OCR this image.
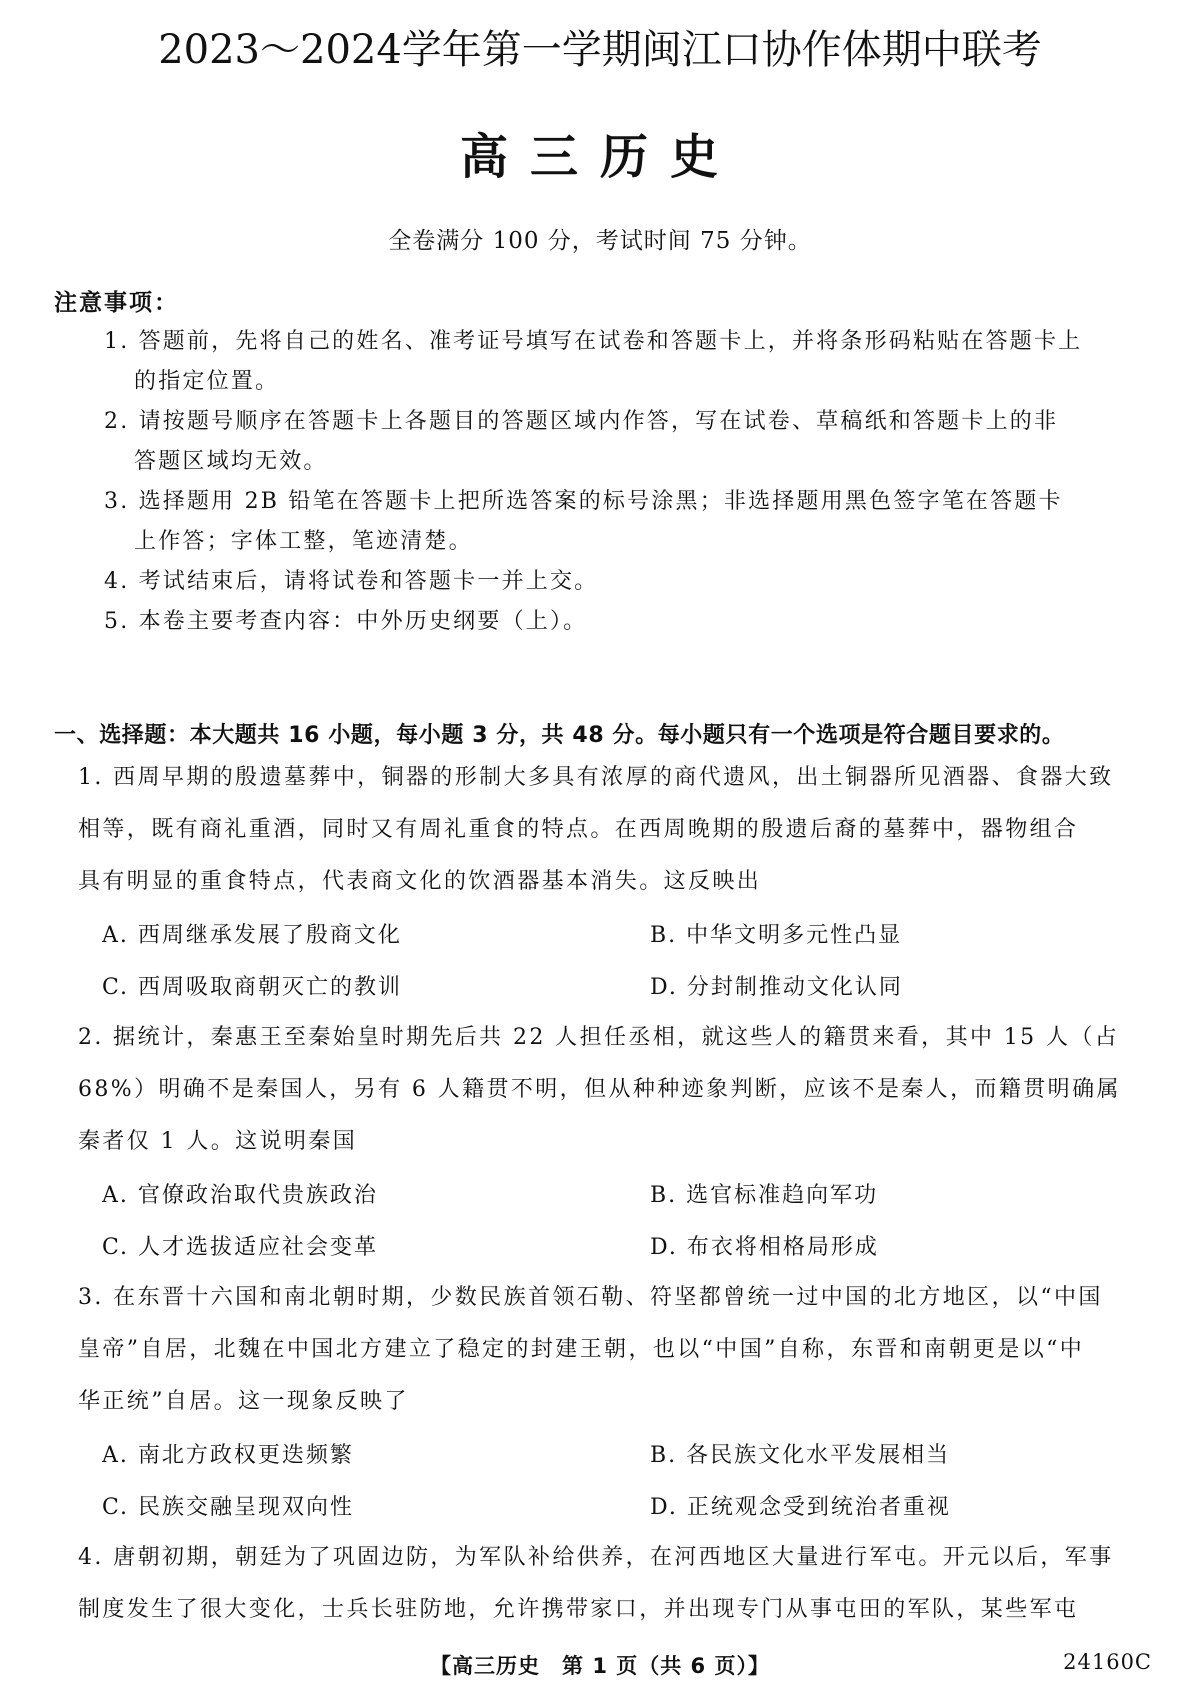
2023～2024学年第一学期闽江口协作体期中联考
高三历史
全卷满分 100 分，考试时间 75 分钟。
注意事项：
1. 答题前，先将自己的姓名、准考证号填写在试卷和答题卡上，并将条形码粘贴在答题卡上
的指定位置。
2. 请按题号顺序在答题卡上各题目的答题区域内作答，写在试卷、草稿纸和答题卡上的非
答题区域均无效。
3. 选择题用 2B 铅笔在答题卡上把所选答案的标号涂黑；非选择题用黑色签字笔在答题卡
上作答；字体工整，笔迹清楚。
4. 考试结束后，请将试卷和答题卡一并上交。
5. 本卷主要考查内容：中外历史纲要（上）。
一、选择题：本大题共 16 小题，每小题 3 分，共 48 分。每小题只有一个选项是符合题目要求的。
1. 西周早期的殷遗墓葬中，铜器的形制大多具有浓厚的商代遗风，出土铜器所见酒器、食器大致
相等，既有商礼重酒，同时又有周礼重食的特点。在西周晚期的殷遗后裔的墓葬中，器物组合
具有明显的重食特点，代表商文化的饮酒器基本消失。这反映出
A. 西周继承发展了殷商文化	B. 中华文明多元性凸显
C. 西周吸取商朝灭亡的教训	D. 分封制推动文化认同
2. 据统计，秦惠王至秦始皇时期先后共 22 人担任丞相，就这些人的籍贯来看，其中 15 人（占
68%）明确不是秦国人，另有 6 人籍贯不明，但从种种迹象判断，应该不是秦人，而籍贯明确属
秦者仅 1 人。这说明秦国
A. 官僚政治取代贵族政治	B. 选官标准趋向军功
C. 人才选拔适应社会变革	D. 布衣将相格局形成
3. 在东晋十六国和南北朝时期，少数民族首领石勒、符坚都曾统一过中国的北方地区，以“中国
皇帝”自居，北魏在中国北方建立了稳定的封建王朝，也以“中国”自称，东晋和南朝更是以“中
华正统”自居。这一现象反映了
A. 南北方政权更迭频繁	B. 各民族文化水平发展相当
C. 民族交融呈现双向性	D. 正统观念受到统治者重视
4. 唐朝初期，朝廷为了巩固边防，为军队补给供养，在河西地区大量进行军屯。开元以后，军事
制度发生了很大变化，士兵长驻防地，允许携带家口，并出现专门从事屯田的军队，某些军屯
【高三历史　第 1 页（共 6 页）】	24160C
